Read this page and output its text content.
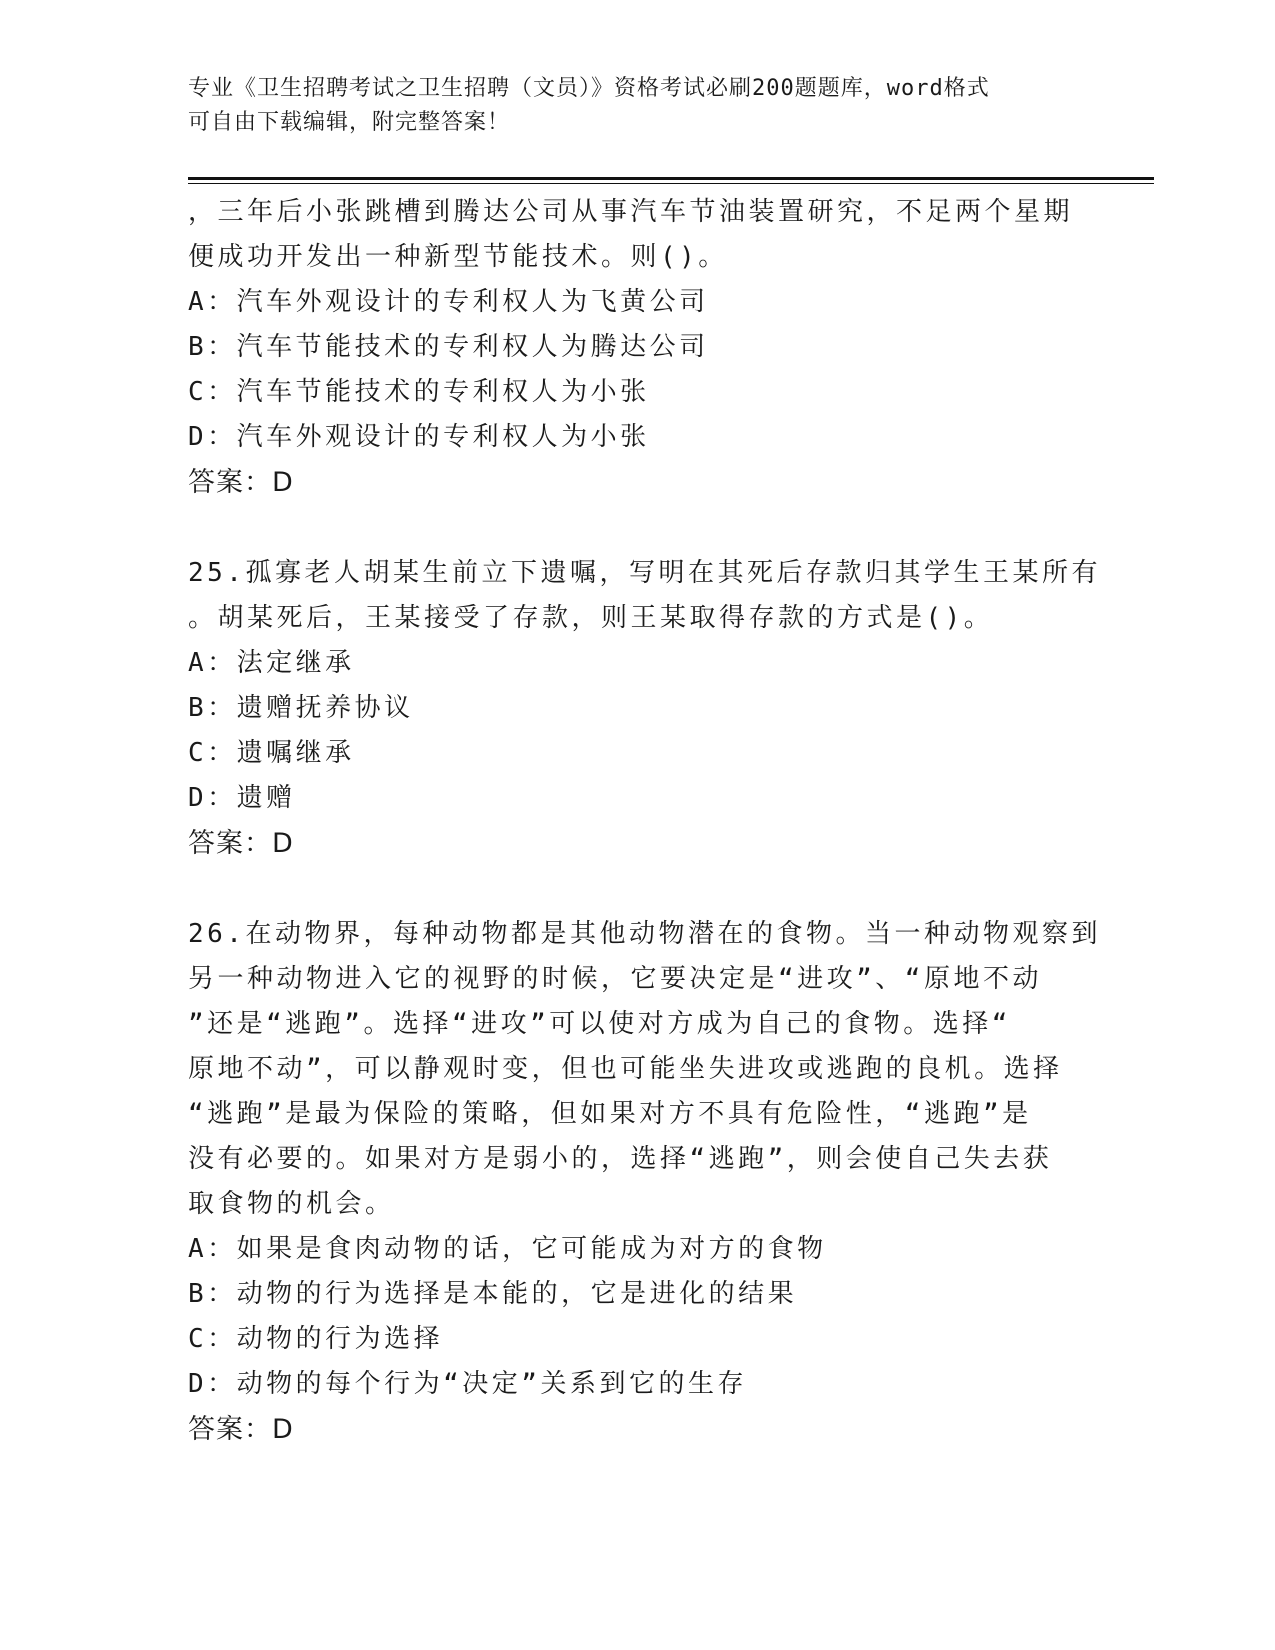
专业《卫生招聘考试之卫生招聘（文员）》资格考试必刷200题题库，word格式
可自由下载编辑，附完整答案！
，三年后小张跳槽到腾达公司从事汽车节油装置研究，不足两个星期
便成功开发出一种新型节能技术。则()。
A：汽车外观设计的专利权人为飞黄公司
B：汽车节能技术的专利权人为腾达公司
C：汽车节能技术的专利权人为小张
D：汽车外观设计的专利权人为小张
答案：D
25.孤寡老人胡某生前立下遗嘱，写明在其死后存款归其学生王某所有
。胡某死后，王某接受了存款，则王某取得存款的方式是()。
A：法定继承
B：遗赠抚养协议
C：遗嘱继承
D：遗赠
答案：D
26.在动物界，每种动物都是其他动物潜在的食物。当一种动物观察到
另一种动物进入它的视野的时候，它要决定是“进攻”、“原地不动
”还是“逃跑”。选择“进攻”可以使对方成为自己的食物。选择“
原地不动”，可以静观时变，但也可能坐失进攻或逃跑的良机。选择
“逃跑”是最为保险的策略，但如果对方不具有危险性，“逃跑”是
没有必要的。如果对方是弱小的，选择“逃跑”，则会使自己失去获
取食物的机会。
A：如果是食肉动物的话，它可能成为对方的食物
B：动物的行为选择是本能的，它是进化的结果
C：动物的行为选择
D：动物的每个行为“决定”关系到它的生存
答案：D
